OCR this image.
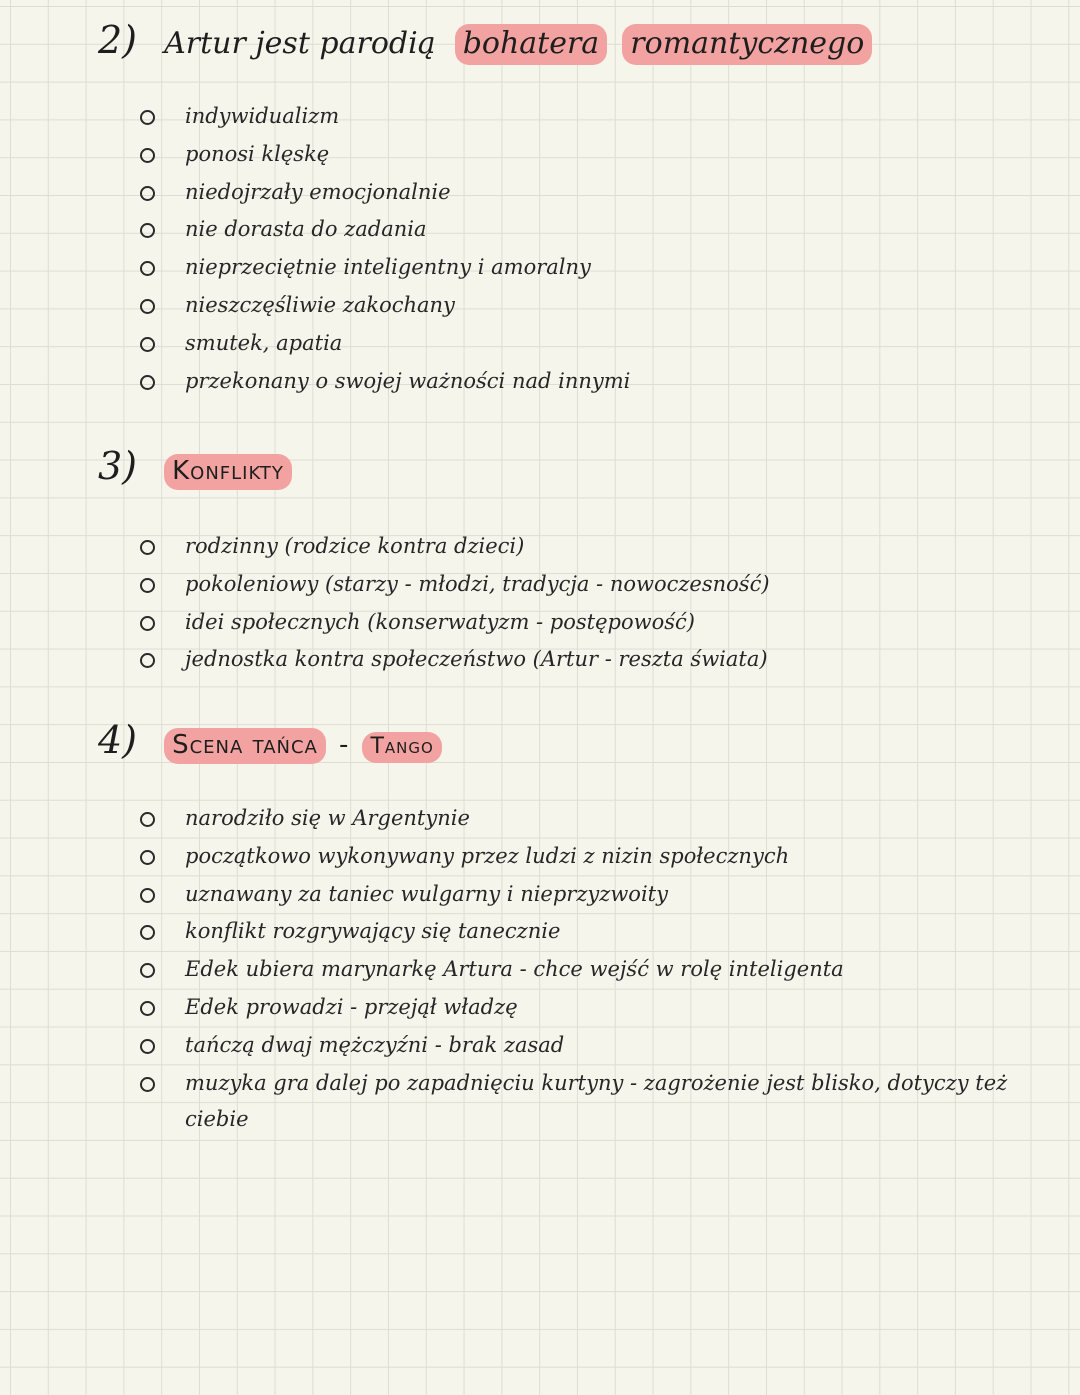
2) Artur jest parodią bohatera romantycznego
indywidualizm
ponosi klęskę
niedojrzały emocjonalnie
nie dorasta do zadania
nieprzeciętnie inteligentny i amoralny
nieszczęśliwie zakochany
smutek, apatia
przekonany o swojej ważności nad innymi
3) Konflikty
rodzinny (rodzice kontra dzieci)
pokoleniowy (starzy - młodzi, tradycja - nowoczesność)
idei społecznych (konserwatyzm - postępowość)
jednostka kontra społeczeństwo (Artur - reszta świata)
4) Scena tańca - Tango
narodziło się w Argentynie
początkowo wykonywany przez ludzi z nizin społecznych
uznawany za taniec wulgarny i nieprzyzwoity
konflikt rozgrywający się tanecznie
Edek ubiera marynarkę Artura - chce wejść w rolę inteligenta
Edek prowadzi - przejął władzę
tańczą dwaj mężczyźni - brak zasad
muzyka gra dalej po zapadnięciu kurtyny - zagrożenie jest blisko, dotyczy też ciebie
